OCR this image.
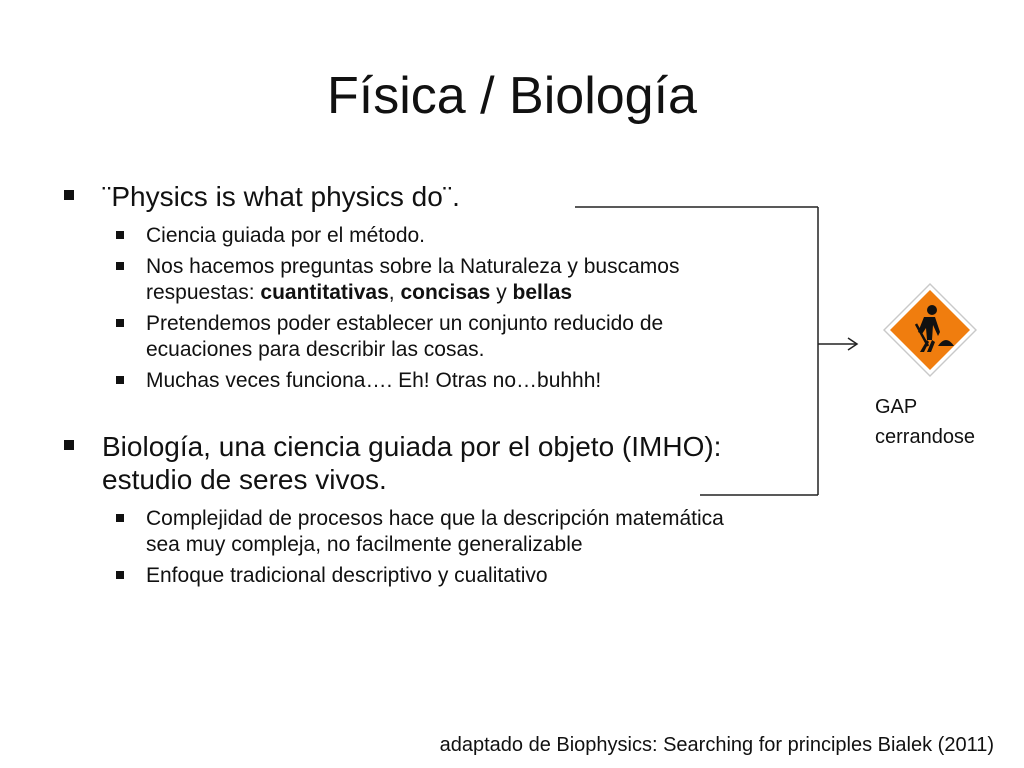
Física / Biología
¨Physics is what physics do¨.
Ciencia guiada por el método.
Nos hacemos preguntas sobre la Naturaleza y buscamos respuestas: cuantitativas, concisas y bellas
Pretendemos poder establecer un conjunto reducido de ecuaciones para describir las cosas.
Muchas veces funciona…. Eh! Otras no…buhhh!
Biología, una ciencia guiada por el objeto (IMHO): estudio de seres vivos.
Complejidad de procesos hace que la descripción matemática sea muy compleja, no facilmente generalizable
Enfoque tradicional descriptivo y cualitativo
GAP
cerrandose
adaptado de Biophysics: Searching for principles Bialek (2011)
